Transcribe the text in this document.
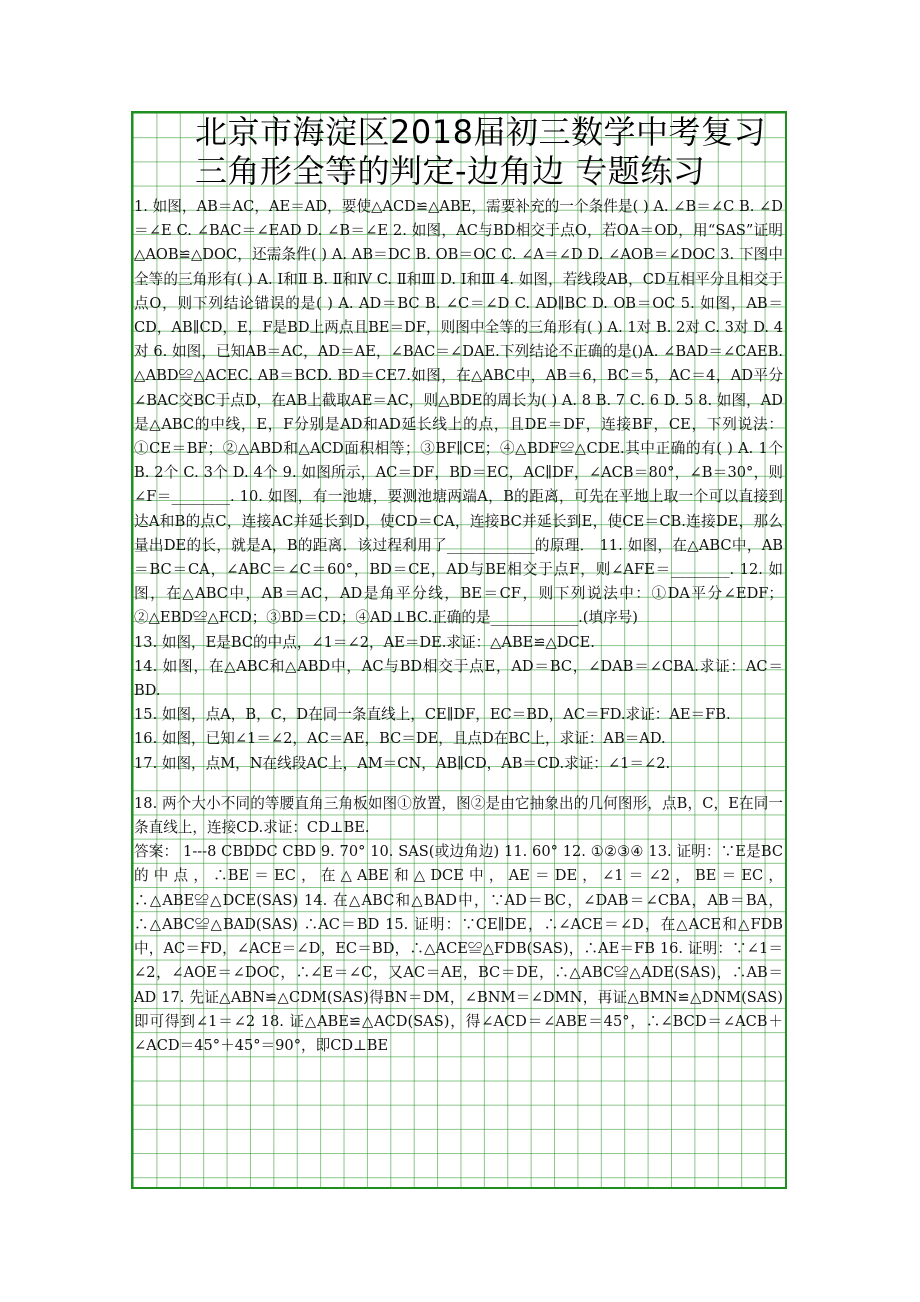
北京市海淀区2018届初三数学中考复习 三角形全等的判定-边角边 专题练习

1. 如图，AB＝AC，AE＝AD，要使△ACD≌△ABE，需要补充的一个条件是( ) A. ∠B＝∠C B. ∠D＝∠E C. ∠BAC＝∠EAD D. ∠B＝∠E 2. 如图，AC与BD相交于点O，若OA＝OD，用“SAS”证明△AOB≌△DOC，还需条件( ) A. AB＝DC B. OB＝OC C. ∠A＝∠D D. ∠AOB＝∠DOC 3. 下图中全等的三角形有( ) A. Ⅰ和Ⅱ B. Ⅱ和Ⅳ C. Ⅱ和Ⅲ D. Ⅰ和Ⅲ 4. 如图，若线段AB，CD互相平分且相交于点O，则下列结论错误的是( ) A. AD＝BC B. ∠C＝∠D C. AD∥BC D. OB＝OC 5. 如图，AB＝CD，AB∥CD，E，F是BD上两点且BE＝DF，则图中全等的三角形有( ) A. 1对 B. 2对 C. 3对 D. 4对 6. 如图，已知AB＝AC，AD＝AE，∠BAC＝∠DAE.下列结论不正确的是()A. ∠BAD＝∠CAEB. △ABD≌△ACEC. AB＝BCD. BD＝CE7.如图，在△ABC中，AB＝6，BC＝5，AC＝4，AD平分∠BAC交BC于点D，在AB上截取AE＝AC，则△BDE的周长为( ) A. 8 B. 7 C. 6 D. 5 8. 如图，AD是△ABC的中线，E，F分别是AD和AD延长线上的点，且DE＝DF，连接BF，CE，下列说法：①CE＝BF；②△ABD和△ACD面积相等；③BF∥CE；④△BDF≌△CDE.其中正确的有( ) A. 1个 B. 2个 C. 3个 D. 4个 9. 如图所示，AC＝DF，BD＝EC，AC∥DF，∠ACB＝80°，∠B＝30°，则∠F＝________. 10. 如图，有一池塘，要测池塘两端A，B的距离，可先在平地上取一个可以直接到达A和B的点C，连接AC并延长到D，使CD＝CA，连接BC并延长到E，使CE＝CB.连接DE，那么量出DE的长，就是A，B的距离．该过程利用了____________的原理． 11. 如图，在△ABC中，AB＝BC＝CA，∠ABC＝∠C＝60°，BD＝CE，AD与BE相交于点F，则∠AFE＝________. 12. 如图，在△ABC中，AB＝AC，AD是角平分线，BE＝CF，则下列说法中：①DA平分∠EDF；②△EBD≌△FCD；③BD＝CD；④AD⊥BC.正确的是____________.(填序号)

13. 如图，E是BC的中点，∠1＝∠2，AE＝DE.求证：△ABE≌△DCE.

14. 如图，在△ABC和△ABD中，AC与BD相交于点E，AD＝BC，∠DAB＝∠CBA.求证：AC＝BD.

15. 如图，点A，B，C，D在同一条直线上，CE∥DF，EC＝BD，AC＝FD.求证：AE＝FB.

16. 如图，已知∠1＝∠2，AC＝AE，BC＝DE，且点D在BC上，求证：AB＝AD.

17. 如图，点M，N在线段AC上，AM＝CN，AB∥CD，AB＝CD.求证：∠1＝∠2.

18. 两个大小不同的等腰直角三角板如图①放置，图②是由它抽象出的几何图形，点B，C，E在同一条直线上，连接CD.求证：CD⊥BE.

答案： 1---8 CBDDC CBD 9. 70° 10. SAS(或边角边) 11. 60° 12. ①②③④ 13. 证明：∵E是BC的中点，∴BE＝EC，在△ABE和△DCE中，AE＝DE，∠1＝∠2，BE＝EC，∴△ABE≌△DCE(SAS) 14. 在△ABC和△BAD中，∵AD＝BC，∠DAB＝∠CBA，AB＝BA，∴△ABC≌△BAD(SAS) ∴AC＝BD 15. 证明：∵CE∥DE，∴∠ACE＝∠D，在△ACE和△FDB中，AC＝FD，∠ACE＝∠D，EC＝BD，∴△ACE≌△FDB(SAS)，∴AE＝FB 16. 证明：∵∠1＝∠2，∠AOE＝∠DOC，∴∠E＝∠C，又AC＝AE，BC＝DE，∴△ABC≌△ADE(SAS)，∴AB＝AD 17. 先证△ABN≌△CDM(SAS)得BN＝DM，∠BNM＝∠DMN，再证△BMN≌△DNM(SAS)即可得到∠1＝∠2 18. 证△ABE≌△ACD(SAS)，得∠ACD＝∠ABE＝45°，∴∠BCD＝∠ACB＋∠ACD＝45°＋45°＝90°，即CD⊥BE
